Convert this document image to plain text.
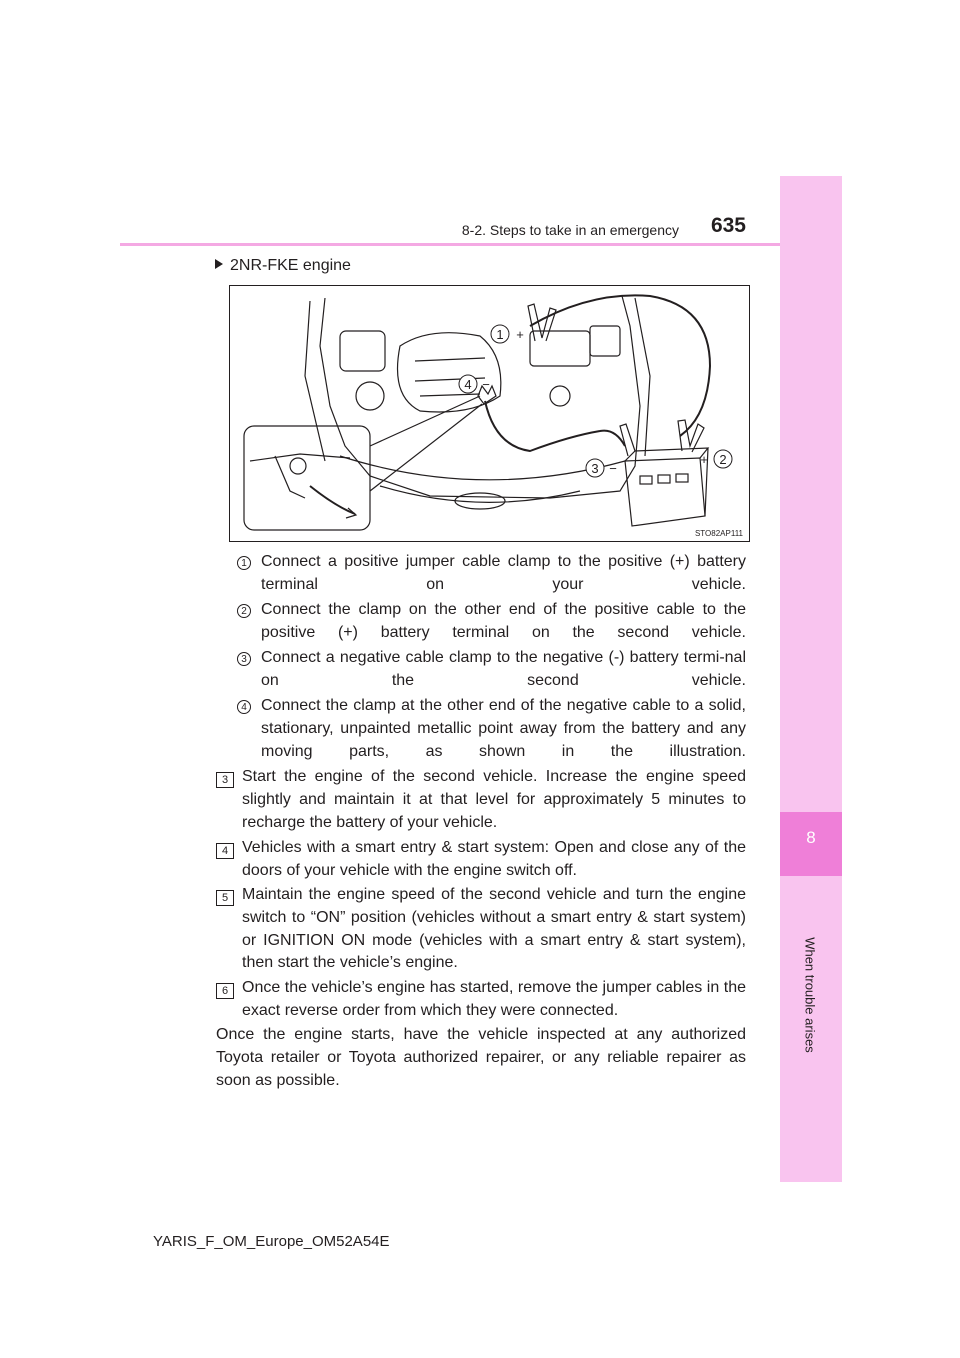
8
When trouble arises
8-2. Steps to take in an emergency 635
2NR-FKE engine
1 +
2
+
3 −
4 −
STO82AP111
1 Connect a positive jumper cable clamp to the positive (+) battery terminal on your vehicle.

2 Connect the clamp on the other end of the positive cable to the positive (+) battery terminal on the second vehicle.

3 Connect a negative cable clamp to the negative (-) battery termi-nal on the second vehicle.

4 Connect the clamp at the other end of the negative cable to a solid, stationary, unpainted metallic point away from the battery and any moving parts, as shown in the illustration.

3 Start the engine of the second vehicle. Increase the engine speed slightly and maintain it at that level for approximately 5 minutes to recharge the battery of your vehicle.

4 Vehicles with a smart entry & start system: Open and close any of the doors of your vehicle with the engine switch off.

5 Maintain the engine speed of the second vehicle and turn the engine switch to “ON” position (vehicles without a smart entry & start system) or IGNITION ON mode (vehicles with a smart entry & start system), then start the vehicle’s engine.

6 Once the vehicle’s engine has started, remove the jumper cables in the exact reverse order from which they were connected.

Once the engine starts, have the vehicle inspected at any authorized Toyota retailer or Toyota authorized repairer, or any reliable repairer as soon as possible.

YARIS_F_OM_Europe_OM52A54E
